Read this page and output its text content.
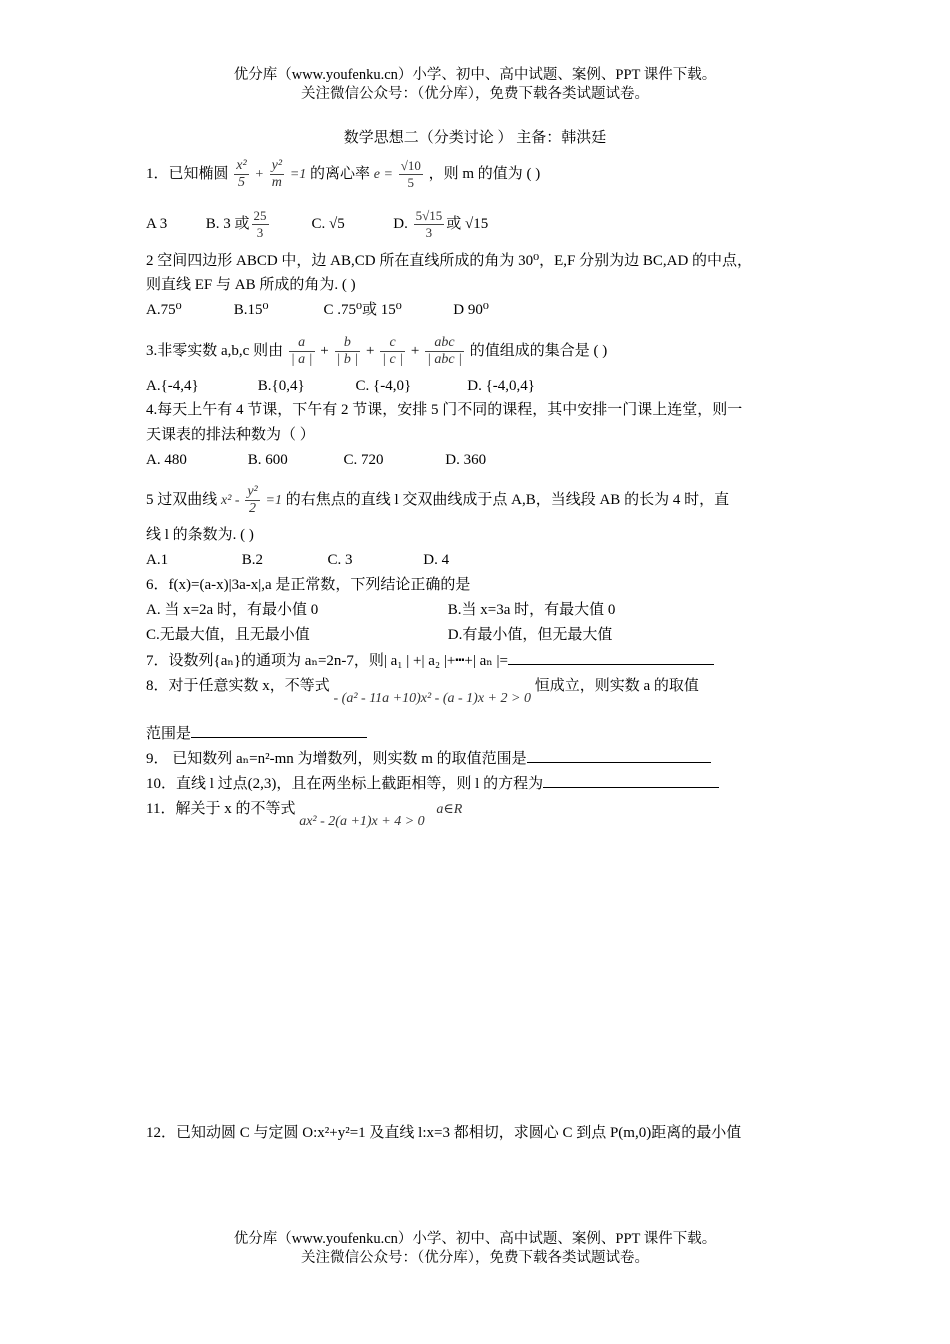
优分库（www.youfenku.cn）小学、初中、高中试题、案例、PPT 课件下载。
关注微信公众号：（优分库），免费下载各类试题试卷。
数学思想二（分类讨论 ） 主备：韩洪廷
1．已知椭圆 $\frac{\text{x²}}{5} + \frac{\text{y²}}{m} =1$ 的离心率 $e = \frac{√10}{5}$ ，则 m 的值为 ( )
A 3	B. 3 或 $\frac{25}{3}$	C. √5	D. $\frac{5√15}{3}$ 或 √15
2 空间四边形 ABCD 中，边 AB,CD 所在直线所成的角为 30⁰，E,F 分别为边 BC,AD 的中点，
则直线 EF 与 AB 所成的角为. ( )
A.75⁰	B.15⁰	C .75⁰或 15⁰	D 90⁰
3.非零实数 a,b,c 则由 $\frac{a}{| a |} + \frac{b}{| b |} + \frac{c}{| c |} + \frac{\text{abc}}{\text{| abc |}}$ 的值组成的集合是 ( )
A.{-4,4}	B.{0,4}	C. {-4,0}	D. {-4,0,4}
4.每天上午有 4 节课，下午有 2 节课，安排 5 门不同的课程，其中安排一门课上连堂，则一
天课表的排法种数为（ ）
A. 480	B. 600	C. 720	D. 360
5 过双曲线 $x^2 - \frac{\text{y²}}{2} =1$ 的右焦点的直线 l 交双曲线成于点 A,B，当线段 AB 的长为 4 时，直
线 l 的条数为. ( )
A.1	B.2	C. 3	D. 4
6．f(x)=(a-x)|3a-x|,a 是正常数，下列结论正确的是
A. 当 x=2a 时，有最小值 0	B.当 x=3a 时，有最大值 0
C.无最大值，且无最小值	D.有最小值，但无最大值
7．设数列{aₙ}的通项为 aₙ=2n-7，则| a₁ | +| a₂ |+┅+| aₙ |=
8．对于任意实数 x，不等式 - (a² - 11a +10)x² - (a - 1)x + 2 > 0 恒成立，则实数 a 的取值
范围是
9． 已知数列 aₙ=n²-mn 为增数列，则实数 m 的取值范围是
10．直线 l 过点(2,3)，且在两坐标上截距相等，则 l 的方程为
11．解关于 x 的不等式 ax² - 2(a +1)x + 4 > 0 a∈R
12．已知动圆 C 与定圆 O:x²+y²=1 及直线 l:x=3 都相切，求圆心 C 到点 P(m,0)距离的最小值
优分库（www.youfenku.cn）小学、初中、高中试题、案例、PPT 课件下载。
关注微信公众号：（优分库），免费下载各类试题试卷。
